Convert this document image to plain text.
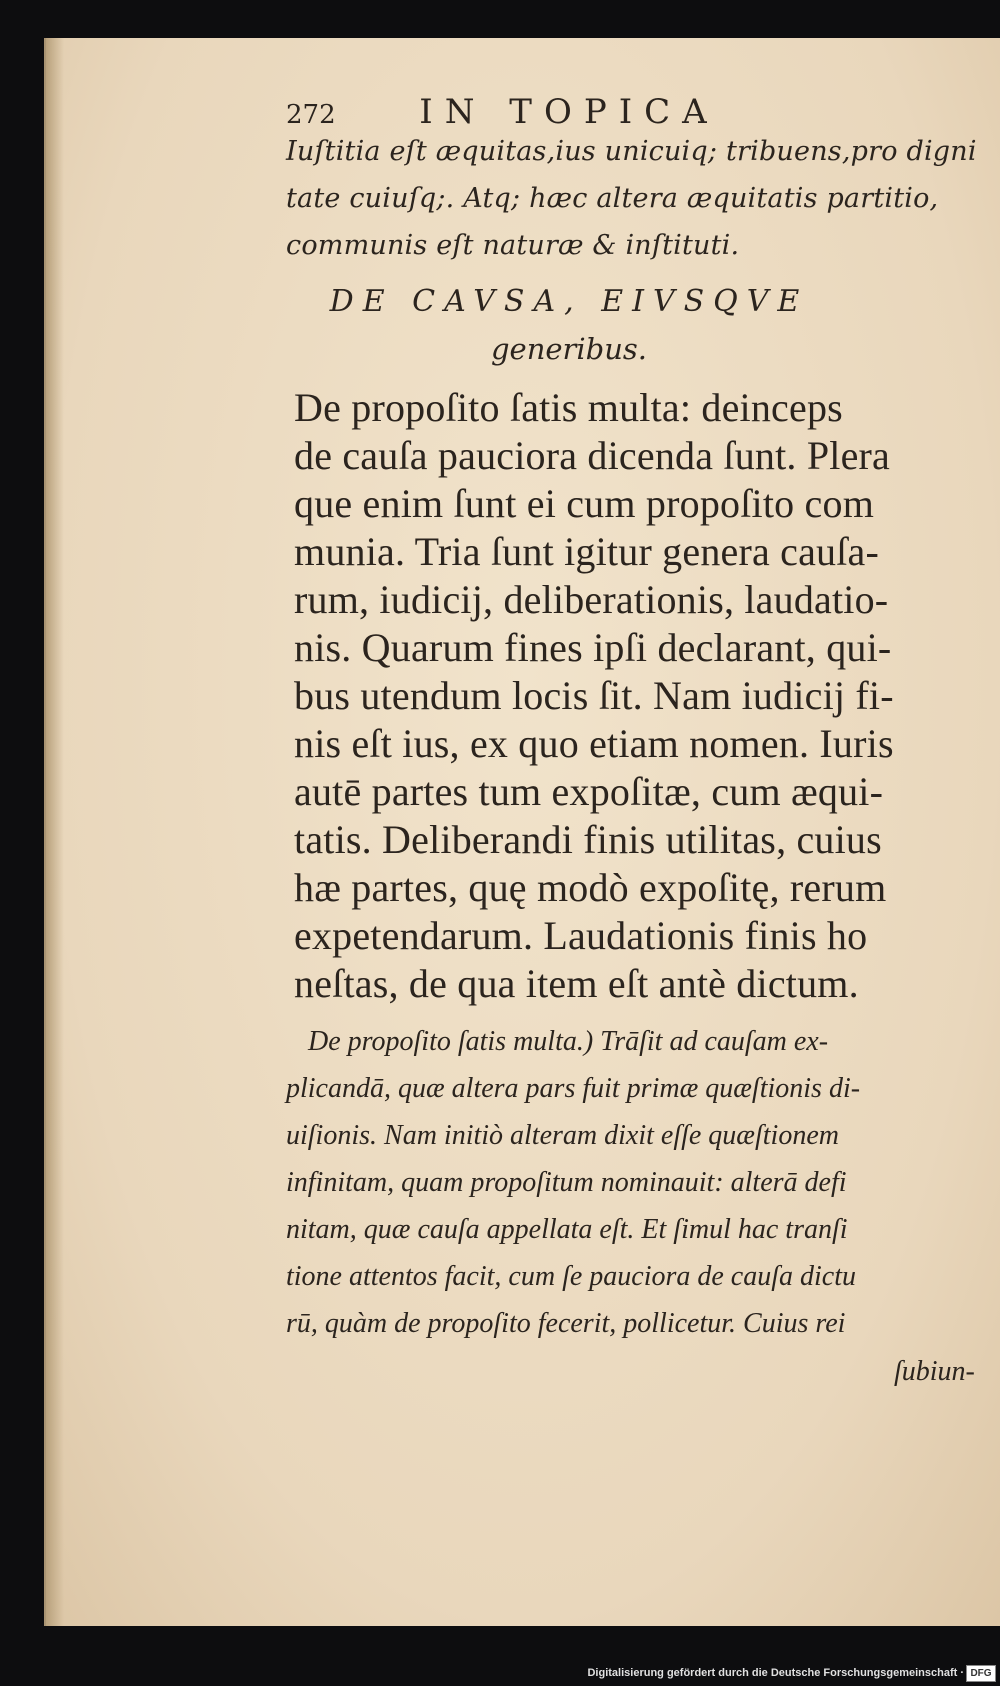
272	IN TOPICA
Iuſtitia eſt æquitas,ius unicuiq; tribuens,pro digni
tate cuiuſq;. Atq; hæc altera æquitatis partitio,
communis eſt naturæ & inſtituti.
DE CAVSA, EIVSQVE
generibus.
De propoſito ſatis multa: deinceps
de cauſa pauciora dicenda ſunt. Plera
que enim ſunt ei cum propoſito com
munia. Tria ſunt igitur genera cauſa-
rum, iudicij, deliberationis, laudatio-
nis. Quarum fines ipſi declarant, qui-
bus utendum locis ſit. Nam iudicij fi-
nis eſt ius, ex quo etiam nomen. Iuris
autē partes tum expoſitæ, cum æqui-
tatis. Deliberandi finis utilitas, cuius
hæ partes, quę modò expoſitę, rerum
expetendarum. Laudationis finis ho
neſtas, de qua item eſt antè dictum.
De propoſito ſatis multa.) Trāſit ad cauſam ex-
plicandā, quæ altera pars fuit primæ quæſtionis di-
uiſionis. Nam initiò alteram dixit eſſe quæſtionem
infinitam, quam propoſitum nominauit: alterā defi
nitam, quæ cauſa appellata eſt. Et ſimul hac tranſi
tione attentos facit, cum ſe pauciora de cauſa dictu
rū, quàm de propoſito fecerit, pollicetur. Cuius rei
ſubiun-
Digitalisierung gefördert durch die Deutsche Forschungsgemeinschaft · DFG
